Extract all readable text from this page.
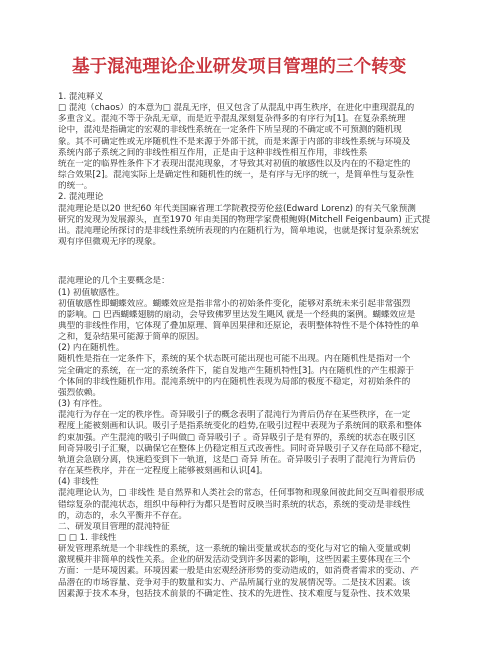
基于混沌理论企业研发项目管理的三个转变

1. 混沌释义

□ 混沌（chaos）的本意为□ 混乱无序，但又包含了从混乱中再生秩序，在进化中重现混乱的

多重含义。混沌不等于杂乱无章，而是近乎混乱深刻复杂得多的有序行为[1]。在复杂系统理

论中，混沌是指确定的宏观的非线性系统在一定条件下所呈现的不确定或不可预测的随机现

象。其不可确定性或无序随机性不是来源于外部干扰，而是来源于内部的非线性系统与环境及

系统内部子系统之间的非线性相互作用，正是由于这种非线性相互作用，非线性系

统在一定的临界性条件下才表现出混沌现象，才导致其对初值的敏感性以及内在的不稳定性的

综合效果[2]。混沌实际上是确定性和随机性的统一，是有序与无序的统一，是简单性与复杂性

的统一。

2. 混沌理论

混沌理论是以20 世纪60 年代美国麻省理工学院教授劳伦兹(Edward Lorenz) 的有关气象预测

研究的发现为发展源头，直至1970 年由美国的物理学家费根鲍姆(Mitchell Feigenbaum) 正式提

出。混沌理论所探讨的是非线性系统所表现的内在随机行为，简单地说，也就是探讨复杂系统宏

观有序但微观无序的现象。

混沌理论的几个主要概念是：

(1) 初值敏感性。

初值敏感性即蝴蝶效应。蝴蝶效应是指非常小的初始条件变化，能够对系统未来引起非常强烈

的影响。□ 巴西蝴蝶翅膀的扇动，会导致佛罗里达发生飓风 就是一个经典的案例。蝴蝶效应是

典型的非线性作用，它体现了叠加原理、简单因果律和还原论，表明整体特性不是个体特性的单

之和，复杂结果可能源于简单的原因。

(2) 内在随机性。

随机性是指在一定条件下，系统的某个状态既可能出现也可能不出现。内在随机性是指对一个

完全确定的系统，在一定的系统条件下，能自发地产生随机特性[3]。内在随机性的产生根源于

个体间的非线性随机作用。混沌系统中的内在随机性表现为局部的极度不稳定，对初始条件的

强烈依赖。

(3) 有序性。

混沌行为存在一定的秩序性。奇异吸引子的概念表明了混沌行为背后仍存在某些秩序，在一定

程度上能被刻画和认识。吸引子是指系统变化的趋势,在吸引过程中表现为子系统间的联系和整体

约束加强。产生混沌的吸引子叫做□ 奇异吸引子 。奇异吸引子是有界的，系统的状态在吸引区

间奇异吸引子汇聚，以确保它在整体上仍稳定相互式改善性。同时奇异吸引子又存在局部不稳定，

轨道会急剧分离，快速趋变到下一轨道，这是□ 奇异 所在。奇异吸引子表明了混沌行为背后仍

存在某些秩序，并在一定程度上能够被刻画和认识[4]。

(4) 非线性

混沌理论认为，□ 非线性 是自然界和人类社会的常态，任何事物和现象间彼此间交互叫着很形成

错综复杂的混沌状态，组织中每种行为都只是暂时反映当时系统的状态，系统的变动是非线性

的，动态的，永久平衡并不存在。

二、研发项目管理的混沌特征

□ □ 1. 非线性

研发管理系统是一个非线性的系统，这一系统的输出变量或状态的变化与对它的输入变量或刺

激规模并非简单的线性关系。企业的研发活动受到许多因素的影响，这些因素主要体现在三个

方面：一是环境因素。环境因素一般是由宏观经济形势的变动造成的，如消费者需求的变动、产

品潜在的市场容量、竞争对手的数量和实力、产品所属行业的发展情况等。二是技术因素。该

因素源于技术本身，包括技术前景的不确定性、技术的先进性、技术难度与复杂性、技术效果
